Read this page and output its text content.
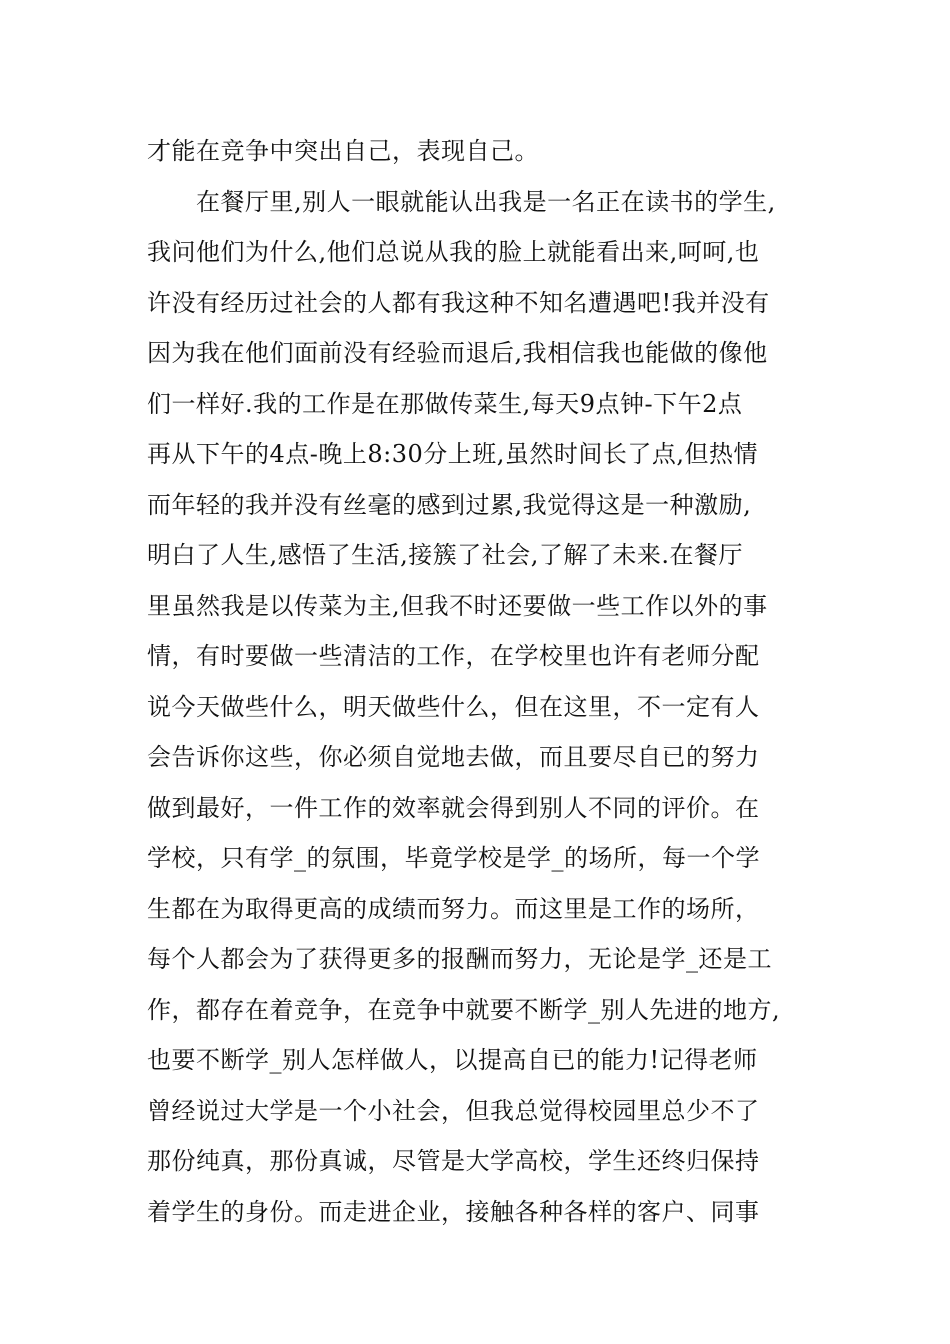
才能在竞争中突出自己，表现自己。
　　在餐厅里,别人一眼就能认出我是一名正在读书的学生,
我问他们为什么,他们总说从我的脸上就能看出来,呵呵,也
许没有经历过社会的人都有我这种不知名遭遇吧!我并没有
因为我在他们面前没有经验而退后,我相信我也能做的像他
们一样好.我的工作是在那做传菜生,每天9点钟-下午2点
再从下午的4点-晚上8:30分上班,虽然时间长了点,但热情
而年轻的我并没有丝毫的感到过累,我觉得这是一种激励,
明白了人生,感悟了生活,接簇了社会,了解了未来.在餐厅
里虽然我是以传菜为主,但我不时还要做一些工作以外的事
情，有时要做一些清洁的工作，在学校里也许有老师分配
说今天做些什么，明天做些什么，但在这里，不一定有人
会告诉你这些，你必须自觉地去做，而且要尽自已的努力
做到最好，一件工作的效率就会得到别人不同的评价。在
学校，只有学_的氛围，毕竟学校是学_的场所，每一个学
生都在为取得更高的成绩而努力。而这里是工作的场所，
每个人都会为了获得更多的报酬而努力，无论是学_还是工
作，都存在着竞争，在竞争中就要不断学_别人先进的地方,
也要不断学_别人怎样做人，以提高自已的能力!记得老师
曾经说过大学是一个小社会，但我总觉得校园里总少不了
那份纯真，那份真诚，尽管是大学高校，学生还终归保持
着学生的身份。而走进企业，接触各种各样的客户、同事
